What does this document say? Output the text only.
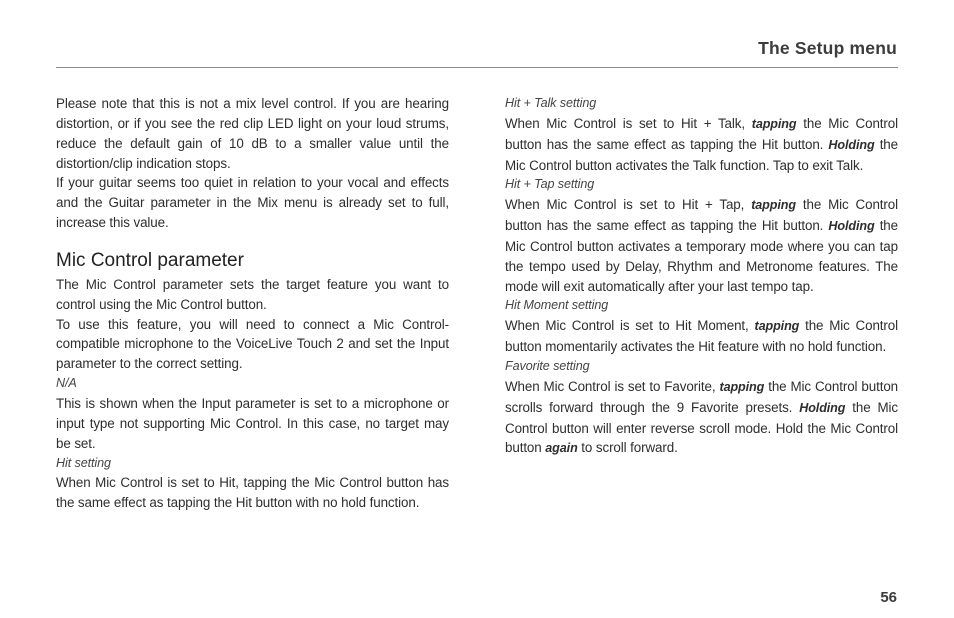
The Setup menu

Please note that this is not a mix level control. If you are hearing distortion, or if you see the red clip LED light on your loud strums, reduce the default gain of 10 dB to a smaller value until the distortion/clip indication stops.

If your guitar seems too quiet in relation to your vocal and effects and the Guitar parameter in the Mix menu is already set to full, increase this value.

Mic Control parameter

The Mic Control parameter sets the target feature you want to control using the Mic Control button.

To use this feature, you will need to connect a Mic Control-compatible microphone to the VoiceLive Touch 2 and set the Input parameter to the correct setting.

N/A

This is shown when the Input parameter is set to a microphone or input type not supporting Mic Control. In this case, no target may be set.

Hit setting

When Mic Control is set to Hit, tapping the Mic Control button has the same effect as tapping the Hit button with no hold function.

Hit + Talk setting

When Mic Control is set to Hit + Talk, tapping the Mic Control button has the same effect as tapping the Hit button. Holding the Mic Control button activates the Talk function. Tap to exit Talk.

Hit + Tap setting

When Mic Control is set to Hit + Tap, tapping the Mic Control button has the same effect as tapping the Hit button. Holding the Mic Control button activates a temporary mode where you can tap the tempo used by Delay, Rhythm and Metronome features. The mode will exit automatically after your last tempo tap.

Hit Moment setting

When Mic Control is set to Hit Moment, tapping the Mic Control button momentarily activates the Hit feature with no hold function.

Favorite setting

When Mic Control is set to Favorite, tapping the Mic Control button scrolls forward through the 9 Favorite presets. Holding the Mic Control button will enter reverse scroll mode. Hold the Mic Control button again to scroll forward.

56
